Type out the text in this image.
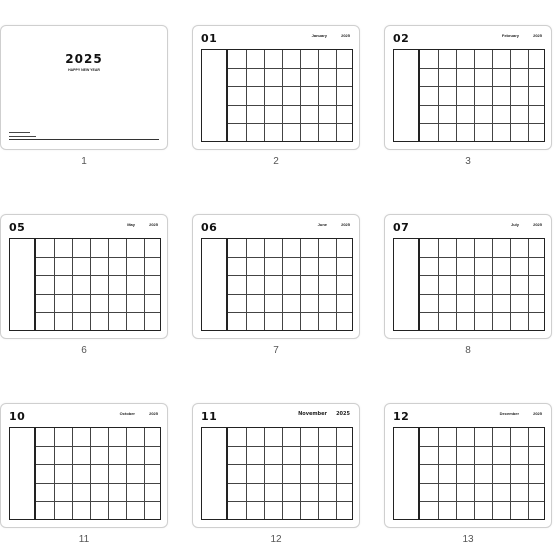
2025
HAPPY NEW YEAR
▬▬▬▬▬▬▬
▬▬▬▬▬▬▬▬▬
1
01	January	2025
2
02	February	2025
3
05	May	2025
6
06	June	2025
7
07	July	2025
8
10	October	2025
11
11	November 2025
12
12	December	2025
13
